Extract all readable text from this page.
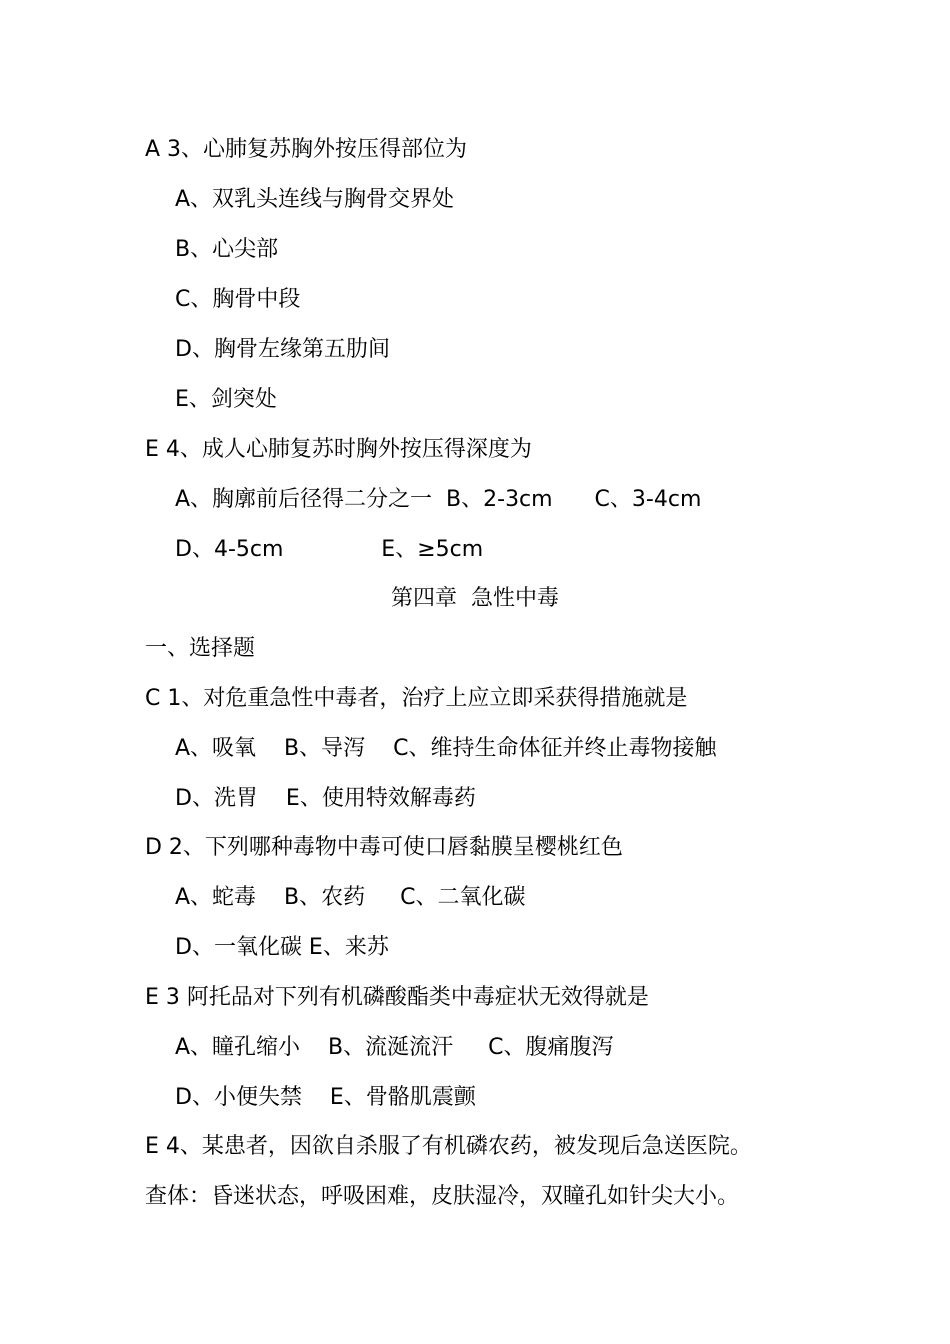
A 3、心肺复苏胸外按压得部位为
A、双乳头连线与胸骨交界处
B、心尖部
C、胸骨中段
D、胸骨左缘第五肋间
E、剑突处
E 4、成人心肺复苏时胸外按压得深度为
A、胸廓前后径得二分之一  B、2-3cm      C、3-4cm
D、4-5cm              E、≥5cm
第四章  急性中毒
一、选择题
C 1、对危重急性中毒者，治疗上应立即采获得措施就是
A、吸氧    B、导泻    C、维持生命体征并终止毒物接触
D、洗胃    E、使用特效解毒药
D 2、下列哪种毒物中毒可使口唇黏膜呈樱桃红色
A、蛇毒    B、农药     C、二氧化碳
D、一氧化碳 E、来苏
E 3 阿托品对下列有机磷酸酯类中毒症状无效得就是
A、瞳孔缩小    B、流涎流汗     C、腹痛腹泻
D、小便失禁    E、骨骼肌震颤
E 4、某患者，因欲自杀服了有机磷农药，被发现后急送医院。
查体：昏迷状态，呼吸困难，皮肤湿冷，双瞳孔如针尖大小。
